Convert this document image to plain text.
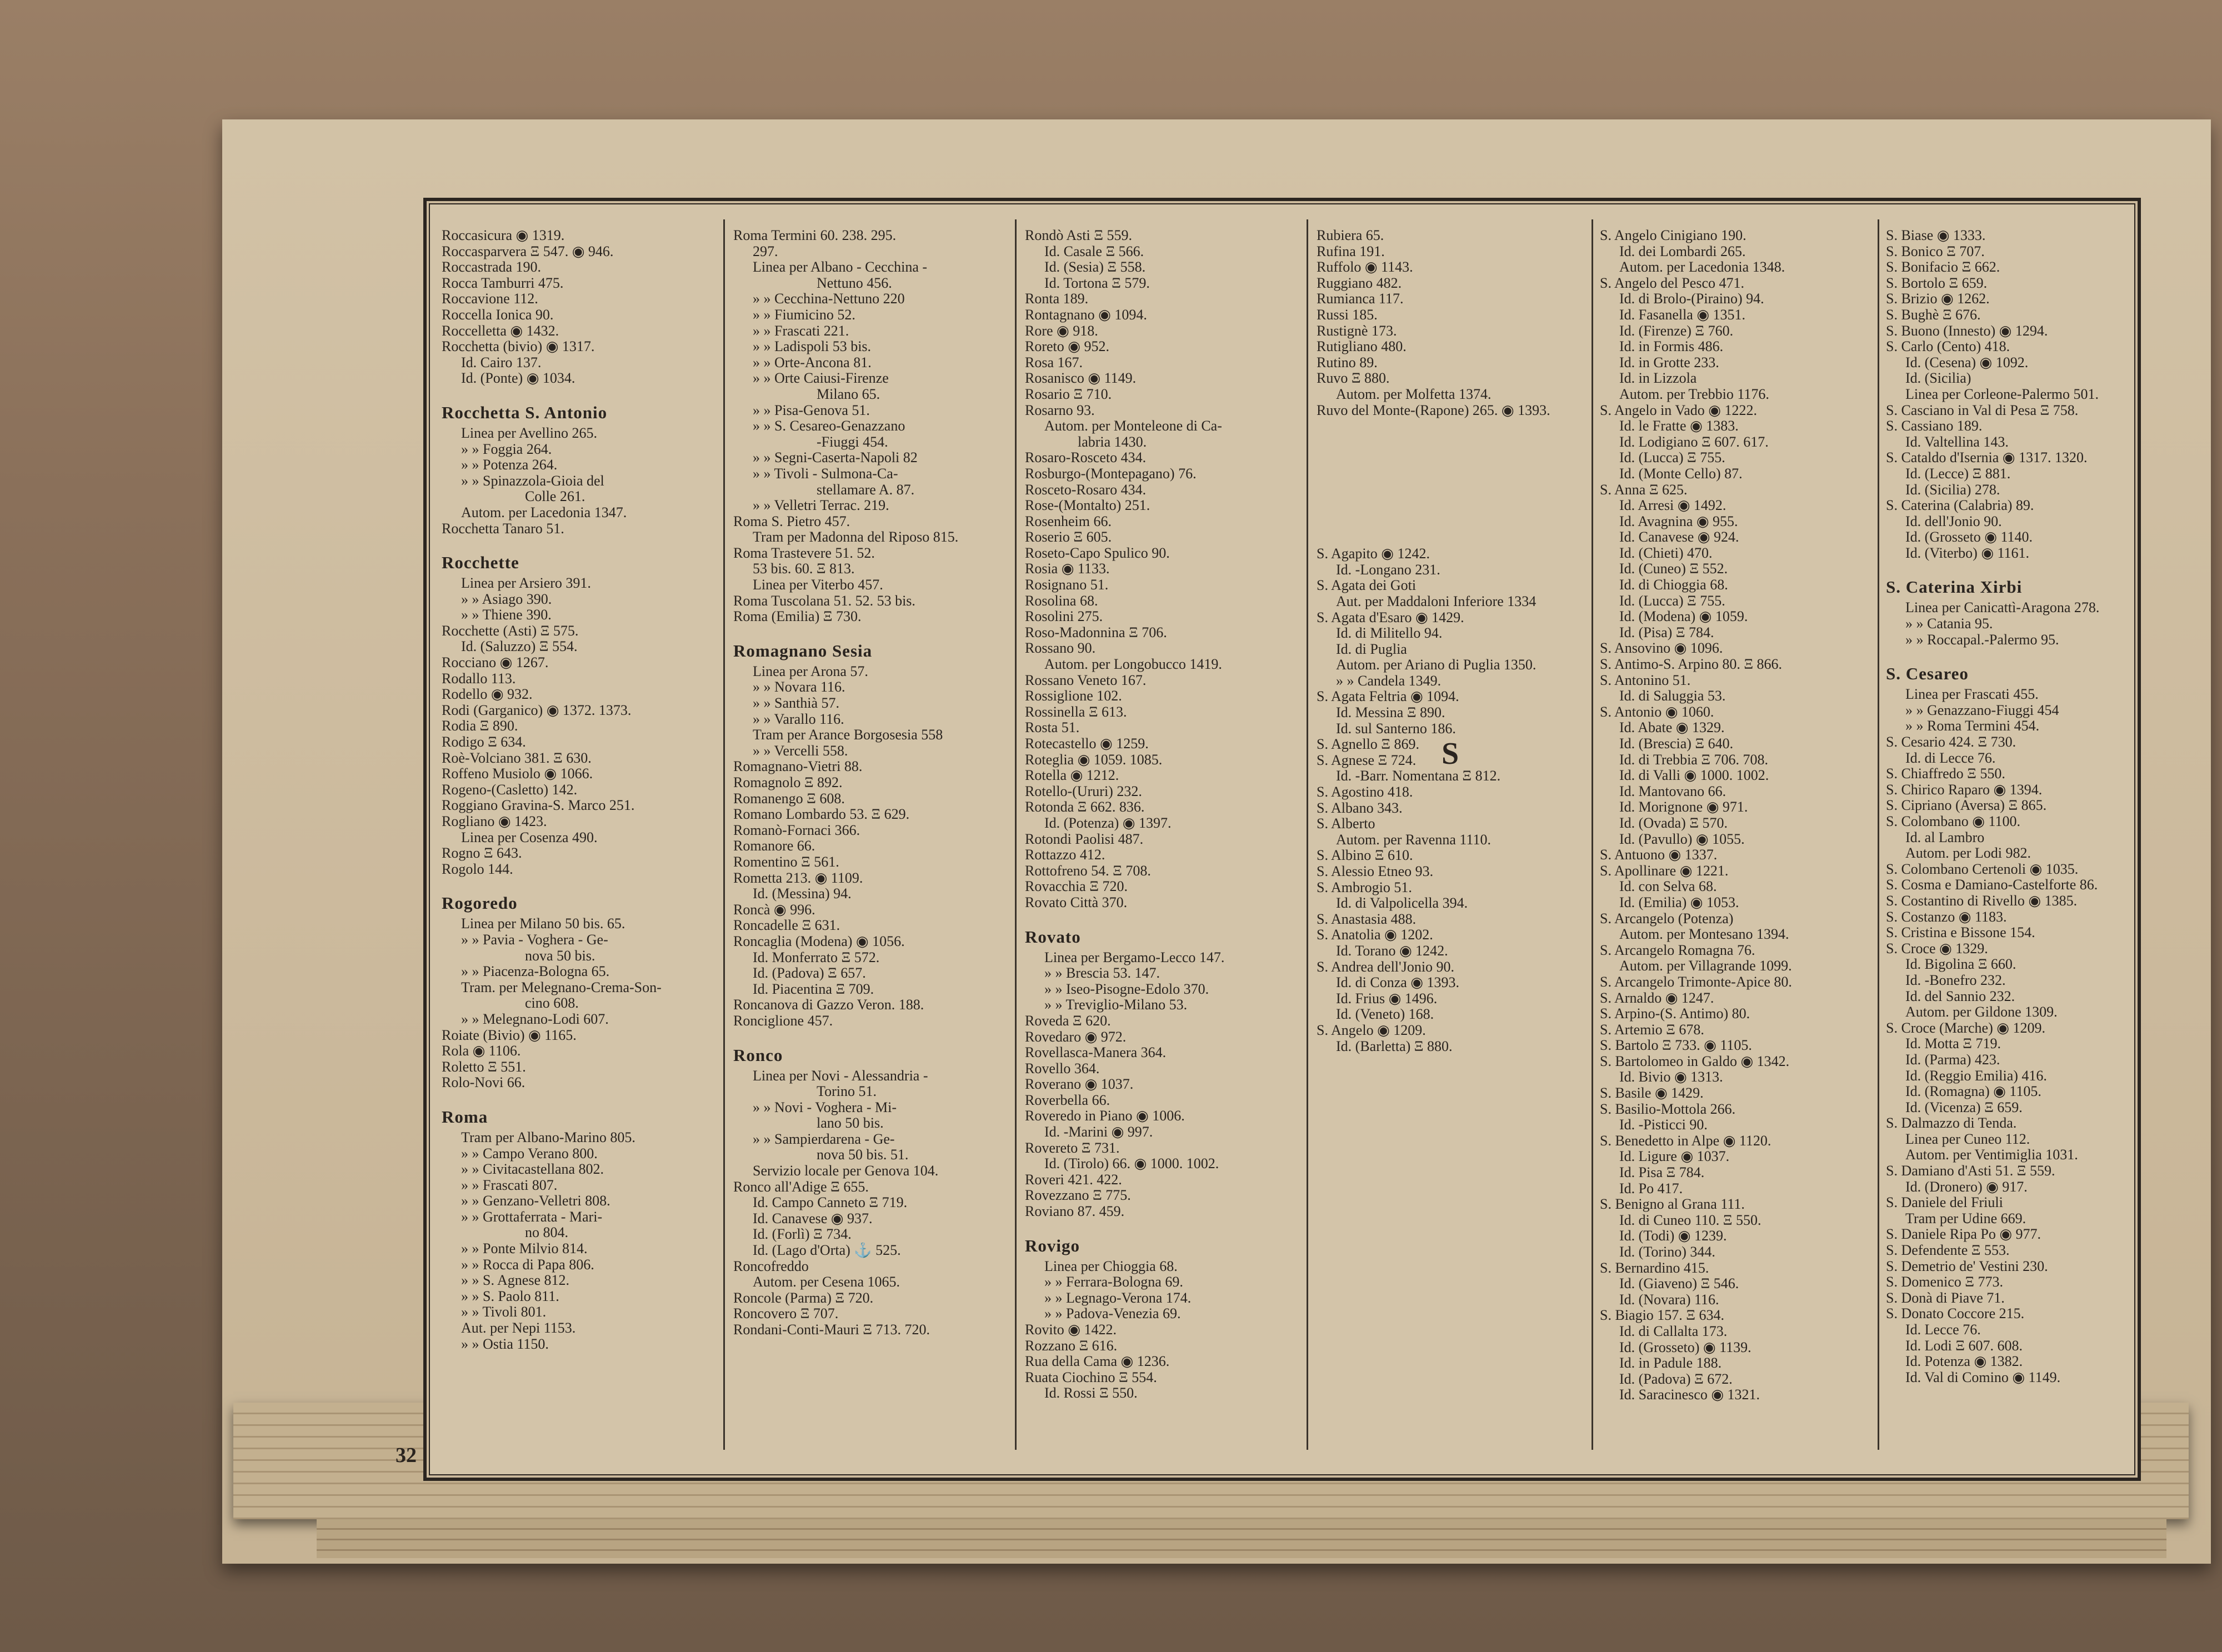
Roccasicura ◉ 1319.
Roccasparvera Ξ 547. ◉ 946.
Roccastrada 190.
Rocca Tamburri 475.
Roccavione 112.
Roccella Ionica 90.
Roccelletta ◉ 1432.
Rocchetta (bivio) ◉ 1317.
Id. Cairo 137.
Id. (Ponte) ◉ 1034.
Rocchetta S. Antonio
Linea per Avellino 265.
» » Foggia 264.
» » Potenza 264.
» » Spinazzola-Gioia del
Colle 261.
Autom. per Lacedonia 1347.
Rocchetta Tanaro 51.
Rocchette
Linea per Arsiero 391.
» » Asiago 390.
» » Thiene 390.
Rocchette (Asti) Ξ 575.
Id. (Saluzzo) Ξ 554.
Rocciano ◉ 1267.
Rodallo 113.
Rodello ◉ 932.
Rodi (Garganico) ◉ 1372. 1373.
Rodia Ξ 890.
Rodigo Ξ 634.
Roè-Volciano 381. Ξ 630.
Roffeno Musiolo ◉ 1066.
Rogeno-(Casletto) 142.
Roggiano Gravina-S. Marco 251.
Rogliano ◉ 1423.
Linea per Cosenza 490.
Rogno Ξ 643.
Rogolo 144.
Rogoredo
Linea per Milano 50 bis. 65.
» » Pavia - Voghera - Ge-
nova 50 bis.
» » Piacenza-Bologna 65.
Tram. per Melegnano-Crema-Son-
cino 608.
» » Melegnano-Lodi 607.
Roiate (Bivio) ◉ 1165.
Rola ◉ 1106.
Roletto Ξ 551.
Rolo-Novi 66.
Roma
Tram per Albano-Marino 805.
» » Campo Verano 800.
» » Civitacastellana 802.
» » Frascati 807.
» » Genzano-Velletri 808.
» » Grottaferrata - Mari-
no 804.
» » Ponte Milvio 814.
» » Rocca di Papa 806.
» » S. Agnese 812.
» » S. Paolo 811.
» » Tivoli 801.
Aut. per Nepi 1153.
» » Ostia 1150.
Roma Termini 60. 238. 295.
297.
Linea per Albano - Cecchina -
Nettuno 456.
» » Cecchina-Nettuno 220
» » Fiumicino 52.
» » Frascati 221.
» » Ladispoli 53 bis.
» » Orte-Ancona 81.
» » Orte Caiusi-Firenze
Milano 65.
» » Pisa-Genova 51.
» » S. Cesareo-Genazzano
-Fiuggi 454.
» » Segni-Caserta-Napoli 82
» » Tivoli - Sulmona-Ca-
stellamare A. 87.
» » Velletri Terrac. 219.
Roma S. Pietro 457.
Tram per Madonna del Riposo 815.
Roma Trastevere 51. 52.
53 bis. 60. Ξ 813.
Linea per Viterbo 457.
Roma Tuscolana 51. 52. 53 bis.
Roma (Emilia) Ξ 730.
Romagnano Sesia
Linea per Arona 57.
» » Novara 116.
» » Santhià 57.
» » Varallo 116.
Tram per Arance Borgosesia 558
» » Vercelli 558.
Romagnano-Vietri 88.
Romagnolo Ξ 892.
Romanengo Ξ 608.
Romano Lombardo 53. Ξ 629.
Romanò-Fornaci 366.
Romanore 66.
Romentino Ξ 561.
Rometta 213. ◉ 1109.
Id. (Messina) 94.
Roncà ◉ 996.
Roncadelle Ξ 631.
Roncaglia (Modena) ◉ 1056.
Id. Monferrato Ξ 572.
Id. (Padova) Ξ 657.
Id. Piacentina Ξ 709.
Roncanova di Gazzo Veron. 188.
Ronciglione 457.
Ronco
Linea per Novi - Alessandria -
Torino 51.
» » Novi - Voghera - Mi-
lano 50 bis.
» » Sampierdarena - Ge-
nova 50 bis. 51.
Servizio locale per Genova 104.
Ronco all'Adige Ξ 655.
Id. Campo Canneto Ξ 719.
Id. Canavese ◉ 937.
Id. (Forlì) Ξ 734.
Id. (Lago d'Orta) ⚓ 525.
Roncofreddo
Autom. per Cesena 1065.
Roncole (Parma) Ξ 720.
Roncovero Ξ 707.
Rondani-Conti-Mauri Ξ 713. 720.
Rondò Asti Ξ 559.
Id. Casale Ξ 566.
Id. (Sesia) Ξ 558.
Id. Tortona Ξ 579.
Ronta 189.
Rontagnano ◉ 1094.
Rore ◉ 918.
Roreto ◉ 952.
Rosa 167.
Rosanisco ◉ 1149.
Rosario Ξ 710.
Rosarno 93.
Autom. per Monteleone di Ca-
labria 1430.
Rosaro-Rosceto 434.
Rosburgo-(Montepagano) 76.
Rosceto-Rosaro 434.
Rose-(Montalto) 251.
Rosenheim 66.
Roserio Ξ 605.
Roseto-Capo Spulico 90.
Rosia ◉ 1133.
Rosignano 51.
Rosolina 68.
Rosolini 275.
Roso-Madonnina Ξ 706.
Rossano 90.
Autom. per Longobucco 1419.
Rossano Veneto 167.
Rossiglione 102.
Rossinella Ξ 613.
Rosta 51.
Rotecastello ◉ 1259.
Roteglia ◉ 1059. 1085.
Rotella ◉ 1212.
Rotello-(Ururi) 232.
Rotonda Ξ 662. 836.
Id. (Potenza) ◉ 1397.
Rotondi Paolisi 487.
Rottazzo 412.
Rottofreno 54. Ξ 708.
Rovacchia Ξ 720.
Rovato Città 370.
Rovato
Linea per Bergamo-Lecco 147.
» » Brescia 53. 147.
» » Iseo-Pisogne-Edolo 370.
» » Treviglio-Milano 53.
Roveda Ξ 620.
Rovedaro ◉ 972.
Rovellasca-Manera 364.
Rovello 364.
Roverano ◉ 1037.
Roverbella 66.
Roveredo in Piano ◉ 1006.
Id. -Marini ◉ 997.
Rovereto Ξ 731.
Id. (Tirolo) 66. ◉ 1000. 1002.
Roveri 421. 422.
Rovezzano Ξ 775.
Roviano 87. 459.
Rovigo
Linea per Chioggia 68.
» » Ferrara-Bologna 69.
» » Legnago-Verona 174.
» » Padova-Venezia 69.
Rovito ◉ 1422.
Rozzano Ξ 616.
Rua della Cama ◉ 1236.
Ruata Ciochino Ξ 554.
Id. Rossi Ξ 550.
Rubiera 65.
Rufina 191.
Ruffolo ◉ 1143.
Ruggiano 482.
Rumianca 117.
Russi 185.
Rustignè 173.
Rutigliano 480.
Rutino 89.
Ruvo Ξ 880.
Autom. per Molfetta 1374.
Ruvo del Monte-(Rapone) 265. ◉ 1393.
S. Agapito ◉ 1242.
Id. -Longano 231.
S. Agata dei Goti
Aut. per Maddaloni Inferiore 1334
S. Agata d'Esaro ◉ 1429.
Id. di Militello 94.
Id. di Puglia
Autom. per Ariano di Puglia 1350.
» » Candela 1349.
S. Agata Feltria ◉ 1094.
Id. Messina Ξ 890.
Id. sul Santerno 186.
S. Agnello Ξ 869.
S. Agnese Ξ 724.
Id. -Barr. Nomentana Ξ 812.
S. Agostino 418.
S. Albano 343.
S. Alberto
Autom. per Ravenna 1110.
S. Albino Ξ 610.
S. Alessio Etneo 93.
S. Ambrogio 51.
Id. di Valpolicella 394.
S. Anastasia 488.
S. Anatolia ◉ 1202.
Id. Torano ◉ 1242.
S. Andrea dell'Jonio 90.
Id. di Conza ◉ 1393.
Id. Frius ◉ 1496.
Id. (Veneto) 168.
S. Angelo ◉ 1209.
Id. (Barletta) Ξ 880.
S. Angelo Cinigiano 190.
Id. dei Lombardi 265.
Autom. per Lacedonia 1348.
S. Angelo del Pesco 471.
Id. di Brolo-(Piraino) 94.
Id. Fasanella ◉ 1351.
Id. (Firenze) Ξ 760.
Id. in Formis 486.
Id. in Grotte 233.
Id. in Lizzola
Autom. per Trebbio 1176.
S. Angelo in Vado ◉ 1222.
Id. le Fratte ◉ 1383.
Id. Lodigiano Ξ 607. 617.
Id. (Lucca) Ξ 755.
Id. (Monte Cello) 87.
S. Anna Ξ 625.
Id. Arresi ◉ 1492.
Id. Avagnina ◉ 955.
Id. Canavese ◉ 924.
Id. (Chieti) 470.
Id. (Cuneo) Ξ 552.
Id. di Chioggia 68.
Id. (Lucca) Ξ 755.
Id. (Modena) ◉ 1059.
Id. (Pisa) Ξ 784.
S. Ansovino ◉ 1096.
S. Antimo-S. Arpino 80. Ξ 866.
S. Antonino 51.
Id. di Saluggia 53.
S. Antonio ◉ 1060.
Id. Abate ◉ 1329.
Id. (Brescia) Ξ 640.
Id. di Trebbia Ξ 706. 708.
Id. di Valli ◉ 1000. 1002.
Id. Mantovano 66.
Id. Morignone ◉ 971.
Id. (Ovada) Ξ 570.
Id. (Pavullo) ◉ 1055.
S. Antuono ◉ 1337.
S. Apollinare ◉ 1221.
Id. con Selva 68.
Id. (Emilia) ◉ 1053.
S. Arcangelo (Potenza)
Autom. per Montesano 1394.
S. Arcangelo Romagna 76.
Autom. per Villagrande 1099.
S. Arcangelo Trimonte-Apice 80.
S. Arnaldo ◉ 1247.
S. Arpino-(S. Antimo) 80.
S. Artemio Ξ 678.
S. Bartolo Ξ 733. ◉ 1105.
S. Bartolomeo in Galdo ◉ 1342.
Id. Bivio ◉ 1313.
S. Basile ◉ 1429.
S. Basilio-Mottola 266.
Id. -Pisticci 90.
S. Benedetto in Alpe ◉ 1120.
Id. Ligure ◉ 1037.
Id. Pisa Ξ 784.
Id. Po 417.
S. Benigno al Grana 111.
Id. di Cuneo 110. Ξ 550.
Id. (Todi) ◉ 1239.
Id. (Torino) 344.
S. Bernardino 415.
Id. (Giaveno) Ξ 546.
Id. (Novara) 116.
S. Biagio 157. Ξ 634.
Id. di Callalta 173.
Id. (Grosseto) ◉ 1139.
Id. in Padule 188.
Id. (Padova) Ξ 672.
Id. Saracinesco ◉ 1321.
S. Biase ◉ 1333.
S. Bonico Ξ 707.
S. Bonifacio Ξ 662.
S. Bortolo Ξ 659.
S. Brizio ◉ 1262.
S. Bughè Ξ 676.
S. Buono (Innesto) ◉ 1294.
S. Carlo (Cento) 418.
Id. (Cesena) ◉ 1092.
Id. (Sicilia)
Linea per Corleone-Palermo 501.
S. Casciano in Val di Pesa Ξ 758.
S. Cassiano 189.
Id. Valtellina 143.
S. Cataldo d'Isernia ◉ 1317. 1320.
Id. (Lecce) Ξ 881.
Id. (Sicilia) 278.
S. Caterina (Calabria) 89.
Id. dell'Jonio 90.
Id. (Grosseto ◉ 1140.
Id. (Viterbo) ◉ 1161.
S. Caterina Xirbi
Linea per Canicattì-Aragona 278.
» » Catania 95.
» » Roccapal.-Palermo 95.
S. Cesareo
Linea per Frascati 455.
» » Genazzano-Fiuggi 454
» » Roma Termini 454.
S. Cesario 424. Ξ 730.
Id. di Lecce 76.
S. Chiaffredo Ξ 550.
S. Chirico Raparo ◉ 1394.
S. Cipriano (Aversa) Ξ 865.
S. Colombano ◉ 1100.
Id. al Lambro
Autom. per Lodi 982.
S. Colombano Certenoli ◉ 1035.
S. Cosma e Damiano-Castelforte 86.
S. Costantino di Rivello ◉ 1385.
S. Costanzo ◉ 1183.
S. Cristina e Bissone 154.
S. Croce ◉ 1329.
Id. Bigolina Ξ 660.
Id. -Bonefro 232.
Id. del Sannio 232.
Autom. per Gildone 1309.
S. Croce (Marche) ◉ 1209.
Id. Motta Ξ 719.
Id. (Parma) 423.
Id. (Reggio Emilia) 416.
Id. (Romagna) ◉ 1105.
Id. (Vicenza) Ξ 659.
S. Dalmazzo di Tenda.
Linea per Cuneo 112.
Autom. per Ventimiglia 1031.
S. Damiano d'Asti 51. Ξ 559.
Id. (Dronero) ◉ 917.
S. Daniele del Friuli
Tram per Udine 669.
S. Daniele Ripa Po ◉ 977.
S. Defendente Ξ 553.
S. Demetrio de' Vestini 230.
S. Domenico Ξ 773.
S. Donà di Piave 71.
S. Donato Coccore 215.
Id. Lecce 76.
Id. Lodi Ξ 607. 608.
Id. Potenza ◉ 1382.
Id. Val di Comino ◉ 1149.
S
32
